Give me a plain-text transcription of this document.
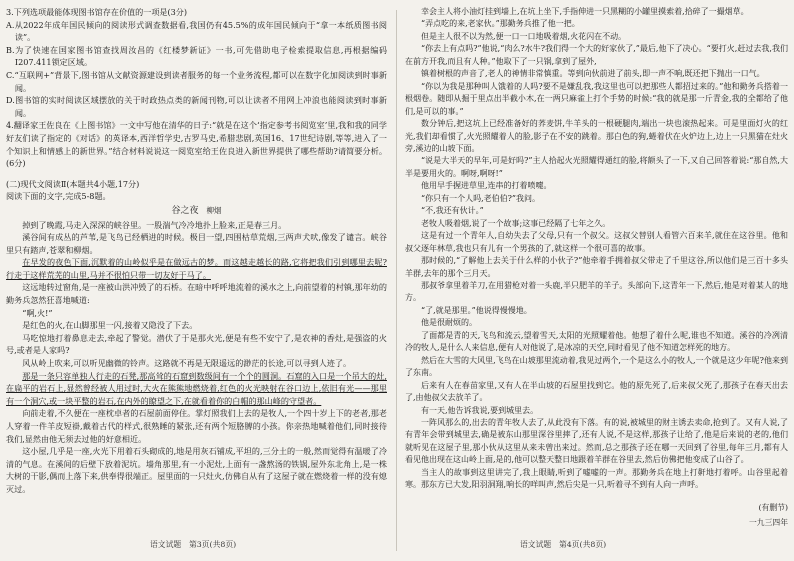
3.下列选项最能体现图书馆存在价值的一项是(3分)

A.从2022年成年国民倾向的阅读形式调查数据看,我国仍有45.5%的成年国民倾向于“拿一本纸质图书阅读”。

B.为了快速在国家图书馆查找周汝昌的《红楼梦新证》一书,可先借助电子检索提取信息,再根据编码I207.411锁定区域。

C.“互联网+”背景下,图书馆从文献资源建设到读者服务的每一个业务流程,都可以在数字化加阅读到时事新闻。

D.图书馆的实时阅读区域摆放的关于时政热点类的新闻刊物,可以让读者不用网上冲浪也能阅读到时事新闻。

4.翻译家王佐良在《上图书馆》一文中写他在清华的日子:“就是在这个‘指定参考书阅览室’里,我和我的同学好友们读了指定的《对话》的英译本,西洋哲学史,古罗马史,希腊悲剧,英国16、17世纪诗剧,等等,进入了一个知识上和情感上的新世界。”结合材料说说这一阅览室给王佐良进入新世界提供了哪些帮助?请简要分析。(6分)

(二)现代文阅读Ⅱ(本题共4小题,17分)

阅读下面的文字,完成5-8题。

谷之夜 柳烟

掉到了晚霞,马走入深深的峡谷里。一股湍气冷冷地扑上脸来,正是春三月。

溪谷间有成丛的芦苇,是飞鸟已经栖进的时候。极目一望,四围枯草荒烟,三两声犬吠,像发了谴言。峡谷里只有踏声,苍翠和柳烟。

在早发的夜色下面,沉默着的山岭似乎是在做远古的梦。而这越走越长的路,它将把我们引到哪里去呢?行走于这样荒芜的山里,马并不很怕只带一切友好于马了。

这远地转过窗角,是一座被山洪冲毁了的石桥。在暗中呼呼地流着的溪水之上,向前望着的村镇,那年幼的勤务兵忽然狂喜地喊道:

“啊,火!”

是红色的火,在山脚那里一闪,接着又隐没了下去。

马吃惊地打着鼻息走去,牵起了警觉。潜伏了于是那火光,便是有些不安宁了,是农神的香灶,是强盗的火号,或者是人家吗?

风从岭上吹来,可以听见幽微的铃声。这路就不再是无限遥远的渺茫的长途,可以寻到人迹了。

那是一条只容单独人行走的石凳,那高耸的石窟到数级间有一个个的圆洞。石窟的入口是一个吊大的灶,在扁平的岩石上,显然曾经被人用过时,大火在熊熊地燃烧着,红色的火光映射在谷口边上,依旧有光——那里有一个洞穴,或一块平整的岩石,在内外的瞭望之下,在就看着你的白帽的那山峰的守望者。

向前走着,不久便在一座枕卓者的石屋前面停住。掌灯照我们上去的是牧人,一个四十岁上下的老者,那老人穿着一件羊皮短褂,戴着古代的样式,很熟睡的紧张,还有两个短胳膊的小孩。你亲热地喊着他们,同时接待我们,显然由他无须去过他的好意相近。

这小屋,几乎是一座,火光下用着石头砌成的,地是用灰石铺成,平坦的,三分土的一般,然而觉得有温暖了冷清的气息。在溪间的后壁下放着泥坑。墙角那里,有一小泥灶,上面有一盏熬汤的铁锅,屋外东北角上,是一株大树的干影,偶而上落下来,供奉得很端正。屋里面的一只灶火,仿佛自从有了这屋子就在燃烧着一样的没有熄灭过。

幸会主人将小油灯挂到墙上,在坑上坐下,手指伸进一只黑糊的小罐里摸索着,拾碎了一撮烟草。

“弄点吃的来,老家伙。”那勤务兵推了他一把。

但是主人很不以为然,便一口一口地吸着烟,火花闪在不动。

“你去上有点吗?”他说,“肉么?水牛?我们得一个大的好家伙了,”最后,他下了决心。“要打火,赶过去我,我们在前方开我,而且有人种。”他取下了一只锅,拿到了屋外,

镇着树根的声音了,老人的神情非常慎重。等到向伙前进了前头,即一声不响,既还把下抛出一口气。

“你以为我是那种叫人饿着的人吗?要不是嫌乱我,我这里也可以把那些人都招过来的。”他和勤务兵搭着一根烟卷。随即从掘于里点出半截小木,在一两只麻雀上打个手势的时候:“我的就是那一斤青金,我的全都给了他们,是可以的事。”

数分钟后,把这坑上已经准备好的荞麦饼,牛羊头的一根硬腿肉,端出一块也滚热起来。可是里面灯火的红光,我们却看惯了,火光照耀着人的脸,影子在不安的跳着。那白色的狗,蜷着伏在火炉边上,边上一只黑猫在灶火旁,溪边的山坡下面。

“说是大半天的早年,可是好吗?”主人拾起火光照耀得通红的脸,将额头了一下,又自己回答着说:“那自然,大半是要用火的。啊呀,啊呀!”

他用早手握进草里,连串的打着喷嚏。

“你只有一个人吗,老伯伯?”我问。

“不,我还有伙计。”

老牧人吸着烟,说了一个故事;这事已经隔了七年之久。

这是有过一个青年人,自幼失去了父母,只有一个叔父。这叔父替别人看管六百来羊,就住在这谷里。他和叔父逐年林草,我也只有儿有一个男孩的了,就这样一个很可喜的故事。

那时候的,“了解他上去关于什么样的小伙子?”他牵着手拥着叔父带走了千里这谷,所以他们是三百十多头羊群,去年的那个三月天。

那叔爷拿里着羊刀,在用猎枪对着一头鹿,半只肥羊的羊子。头部向下,这青年一下,然后,他是对着某人的地方。

“了,就是那里。”他说得慢慢地。

他是很耐烦的。

了面都是青的天,飞鸟和流云,望着雪天,太阳的光照耀着他。他想了着什么呢,谁也不知道。溪谷的冷冽清冷的牧人,是什么人来信息,便有人对他说了,是冰凉的天空,同时看见了他不知道怎样死的地方。

然后在大雪的大风里,飞鸟在山坡那里流动着,我见过两个,一个是这么小的牧人,一个就是这少年呢?他来到了东南。

后来有人在春苗家里,又有人在半山坡的石屋里找到它。他的原先死了,后来叔父死了,那孩子在春天出去了,由他叔父去放羊了。

有一天,他告诉我说,要到城里去。

一阵风那么的,出去的青年牧人去了,从此没有下落。有的说,被城里的财主诱去卖命,抢到了。又有人说,了有青年会带到城里去,确是被东山那里深谷里摔了,还有人说,不是这样,那孩子让给了,他是后来说的老的,他们就听见在这屋子里,那小伙从这里从来未曾出来过。然而,总之那孩子还在哪一天回到了谷里,每年三月,都有人看见他出现在这山岭上面,是的,他可以整天整日地跟着羊群在谷里去,然后仿佛把他变成了山谷了。

当主人的故事到这里讲完了,我上眼睛,听到了嘘嘘的一声。那勤务兵在地上打鼾地打着呼。山谷里起着寒。那东方已大发,阳羽洞翔,响长的咩叫声,然后尖是一只,听着寻不到有人向一声呼。

(有删节)
一九三四年
语文试题　第3页(共8页)	语文试题　第4页(共8页)
